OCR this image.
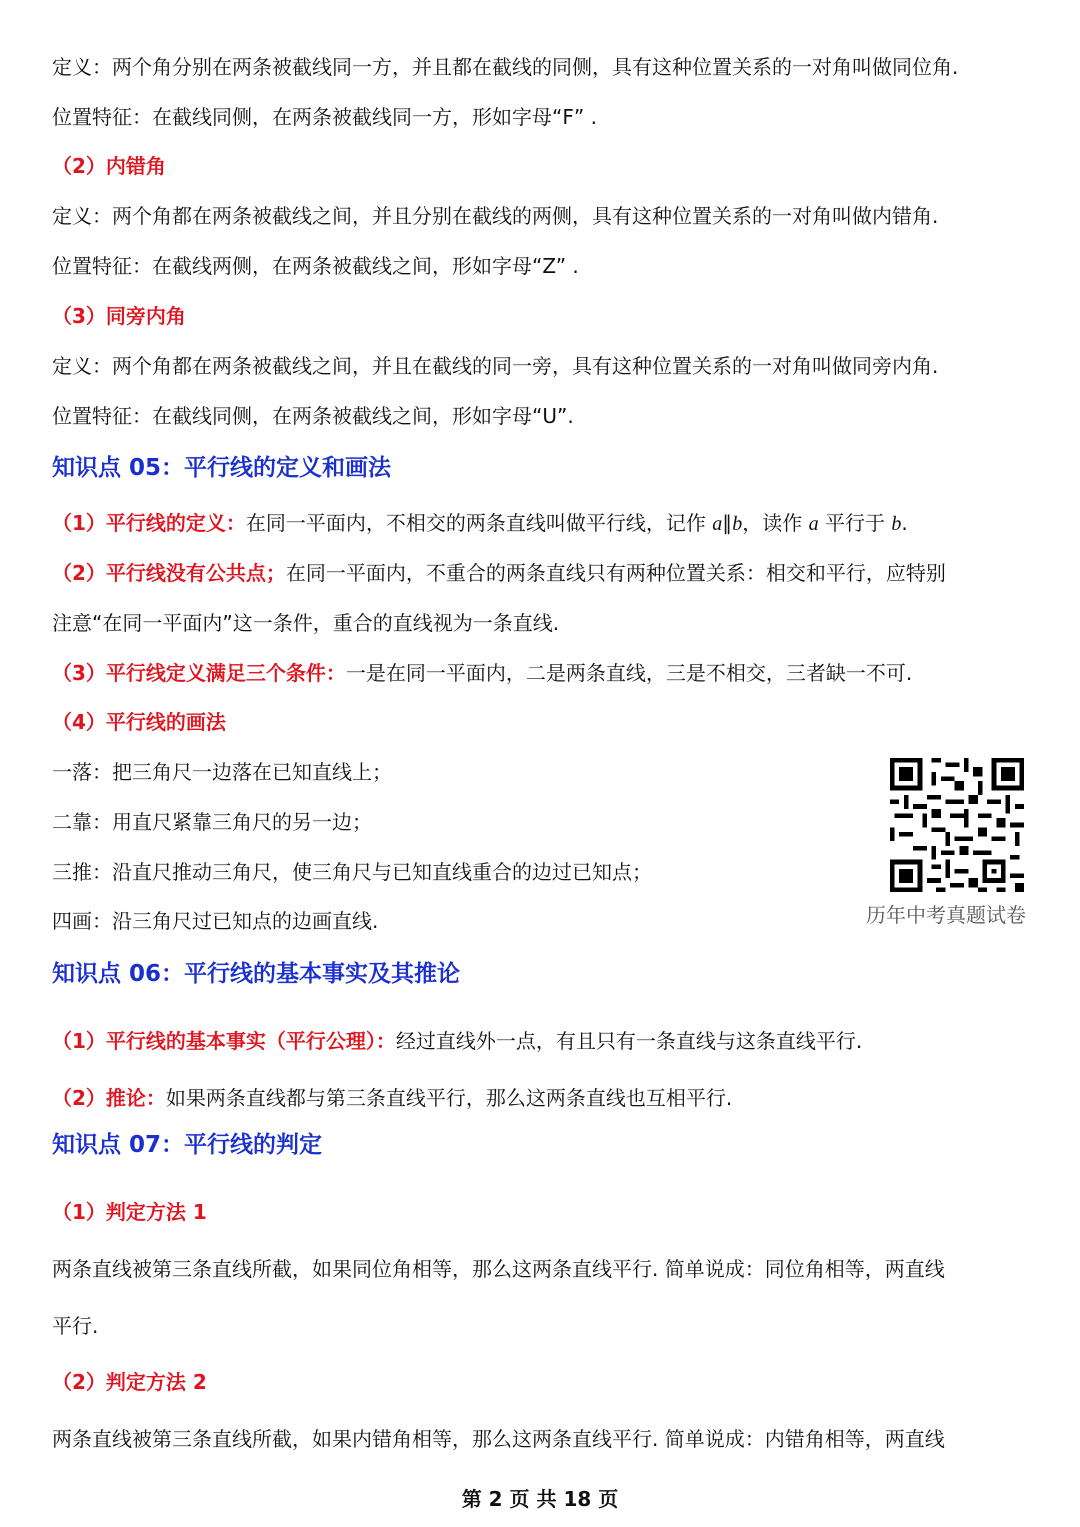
定义：两个角分别在两条被截线同一方，并且都在截线的同侧，具有这种位置关系的一对角叫做同位角.
位置特征：在截线同侧，在两条被截线同一方，形如字母“F” .
（2）内错角
定义：两个角都在两条被截线之间，并且分别在截线的两侧，具有这种位置关系的一对角叫做内错角.
位置特征：在截线两侧，在两条被截线之间，形如字母“Z” .
（3）同旁内角
定义：两个角都在两条被截线之间，并且在截线的同一旁，具有这种位置关系的一对角叫做同旁内角.
位置特征：在截线同侧，在两条被截线之间，形如字母“U”.
知识点 05：平行线的定义和画法
（1）平行线的定义：在同一平面内，不相交的两条直线叫做平行线，记作 a∥b，读作 a 平行于 b.
（2）平行线没有公共点；在同一平面内，不重合的两条直线只有两种位置关系：相交和平行，应特别
注意“在同一平面内”这一条件，重合的直线视为一条直线.
（3）平行线定义满足三个条件：一是在同一平面内，二是两条直线，三是不相交，三者缺一不可.
（4）平行线的画法
一落：把三角尺一边落在已知直线上；
二靠：用直尺紧靠三角尺的另一边；
三推：沿直尺推动三角尺，使三角尺与已知直线重合的边过已知点；
四画：沿三角尺过已知点的边画直线.	历年中考真题试卷
知识点 06：平行线的基本事实及其推论
（1）平行线的基本事实（平行公理）：经过直线外一点，有且只有一条直线与这条直线平行.
（2）推论：如果两条直线都与第三条直线平行，那么这两条直线也互相平行.
知识点 07：平行线的判定
（1）判定方法 1
两条直线被第三条直线所截，如果同位角相等，那么这两条直线平行. 简单说成：同位角相等，两直线
平行.
（2）判定方法 2
两条直线被第三条直线所截，如果内错角相等，那么这两条直线平行. 简单说成：内错角相等，两直线
第 2 页 共 18 页
